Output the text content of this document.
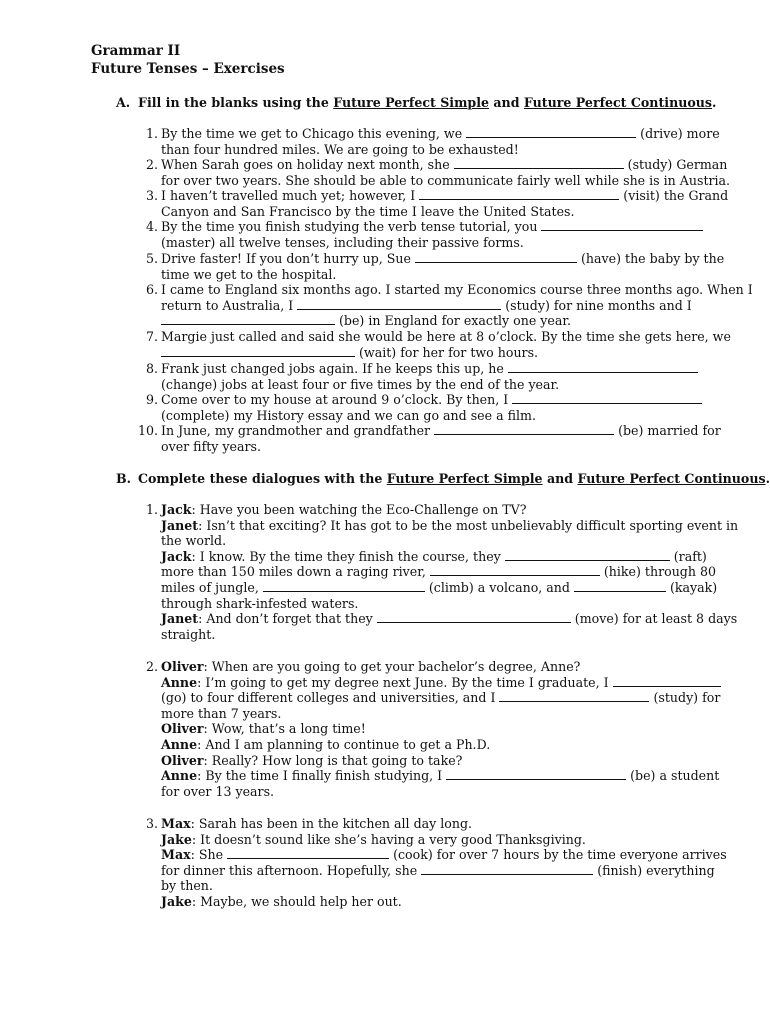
Grammar II
Future Tenses – Exercises
A. Fill in the blanks using the Future Perfect Simple and Future Perfect Continuous.
1. By the time we get to Chicago this evening, we	(drive) more
than four hundred miles. We are going to be exhausted!
2. When Sarah goes on holiday next month, she	(study) German
for over two years. She should be able to communicate fairly well while she is in Austria.
3. I haven’t travelled much yet; however, I	(visit) the Grand
Canyon and San Francisco by the time I leave the United States.
4. By the time you finish studying the verb tense tutorial, you
(master) all twelve tenses, including their passive forms.
5. Drive faster! If you don’t hurry up, Sue	(have) the baby by the
time we get to the hospital.
6. I came to England six months ago. I started my Economics course three months ago. When I
return to Australia, I	(study) for nine months and I
(be) in England for exactly one year.
7. Margie just called and said she would be here at 8 o’clock. By the time she gets here, we
(wait) for her for two hours.
8. Frank just changed jobs again. If he keeps this up, he
(change) jobs at least four or five times by the end of the year.
9. Come over to my house at around 9 o’clock. By then, I
(complete) my History essay and we can go and see a film.
10. In June, my grandmother and grandfather	(be) married for
over fifty years.
B. Complete these dialogues with the Future Perfect Simple and Future Perfect Continuous.
1. Jack: Have you been watching the Eco-Challenge on TV?
Janet: Isn’t that exciting? It has got to be the most unbelievably difficult sporting event in
the world.
Jack: I know. By the time they finish the course, they	(raft)
more than 150 miles down a raging river,	(hike) through 80
miles of jungle,	(climb) a volcano, and	(kayak)
through shark-infested waters.
Janet: And don’t forget that they	(move) for at least 8 days
straight.
2. Oliver: When are you going to get your bachelor’s degree, Anne?
Anne: I’m going to get my degree next June. By the time I graduate, I
(go) to four different colleges and universities, and I	(study) for
more than 7 years.
Oliver: Wow, that’s a long time!
Anne: And I am planning to continue to get a Ph.D.
Oliver: Really? How long is that going to take?
Anne: By the time I finally finish studying, I	(be) a student
for over 13 years.
3. Max: Sarah has been in the kitchen all day long.
Jake: It doesn’t sound like she’s having a very good Thanksgiving.
Max: She	(cook) for over 7 hours by the time everyone arrives
for dinner this afternoon. Hopefully, she	(finish) everything
by then.
Jake: Maybe, we should help her out.
